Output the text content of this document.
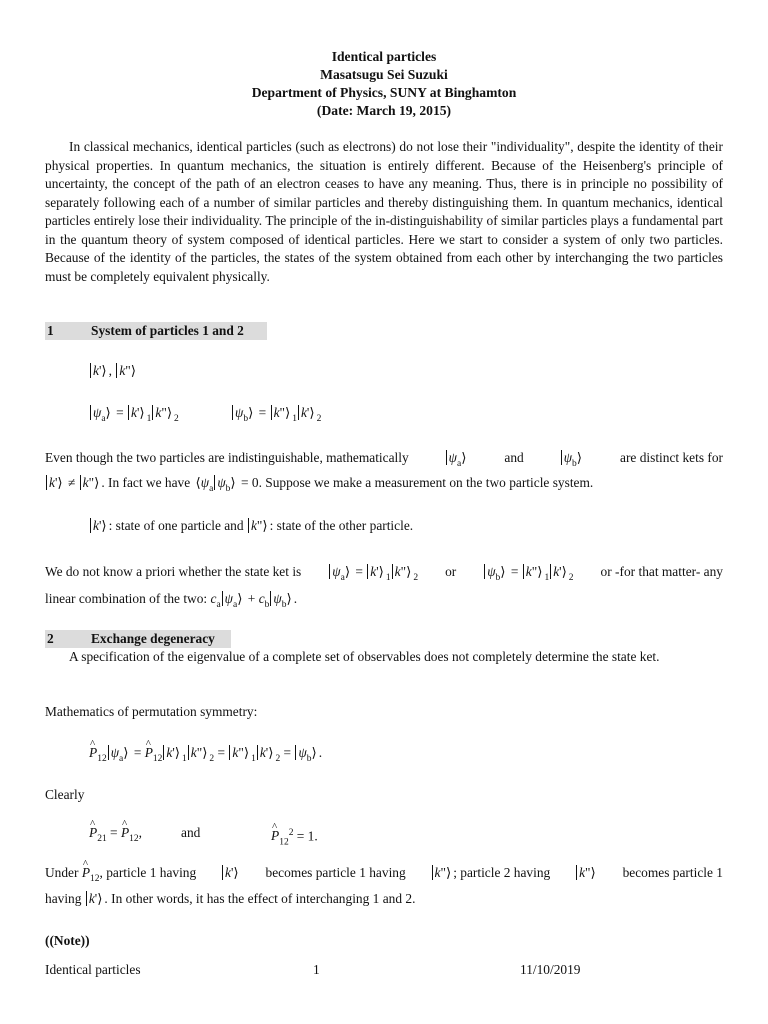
Identical particles
Masatsugu Sei Suzuki
Department of Physics, SUNY at Binghamton
(Date: March 19, 2015)
In classical mechanics, identical particles (such as electrons) do not lose their "individuality", despite the identity of their physical properties. In quantum mechanics, the situation is entirely different. Because of the Heisenberg's principle of uncertainty, the concept of the path of an electron ceases to have any meaning. Thus, there is in principle no possibility of separately following each of a number of similar particles and thereby distinguishing them. In quantum mechanics, identical particles entirely lose their individuality. The principle of the in-distinguishability of similar particles plays a fundamental part in the quantum theory of system composed of identical particles. Here we start to consider a system of only two particles. Because of the identity of the particles, the states of the system obtained from each other by interchanging the two particles must be completely equivalent physically.
1	System of particles 1 and 2
k'⟩ , k"⟩
$\psi_a⟩$ = k'⟩ $_1$ k"⟩ $_2$	$\psi_b⟩$ = k"⟩ $_1$ k'⟩ $_2$
Even though the two particles are indistinguishable, mathematically	$\psi_a⟩$	and	$\psi_b⟩$	are distinct kets for
k'⟩ ≠ k"⟩ . In fact we have $⟨\psi_a$ $\psi_b⟩ = 0$. Suppose we make a measurement on the two particle system.
k'⟩ : state of one particle and k"⟩ : state of the other particle.
We do not know a priori whether the state ket is $\psi_a⟩$ = k'⟩ $_1$ k"⟩ $_2$ or $\psi_b⟩$ = k"⟩ $_1$ k'⟩ $_2$ or -for that matter- any
linear combination of the two: $c_a$ $\psi_a⟩ + c_b$ $\psi_b⟩$ .
2	Exchange degeneracy
A specification of the eigenvalue of a complete set of observables does not completely determine the state ket.
Mathematics of permutation symmetry:
^ $P_{12}$ $\psi_a⟩$ = ^ $P_{12}$ k'⟩ $_1$ k"⟩ $_2$ = k"⟩ $_1$ k'⟩ $_2 = \psi_b⟩$ .
Clearly
^ $P_{21}$ = ^ $P_{12}$,	and	^ $P_{12}^2 = 1$.
Under ^ $P_{12}$, particle 1 having k'⟩ becomes particle 1 having k"⟩ ; particle 2 having k"⟩ becomes particle 1
having k'⟩ . In other words, it has the effect of interchanging 1 and 2.
((Note))
Identical particles	1	11/10/2019
